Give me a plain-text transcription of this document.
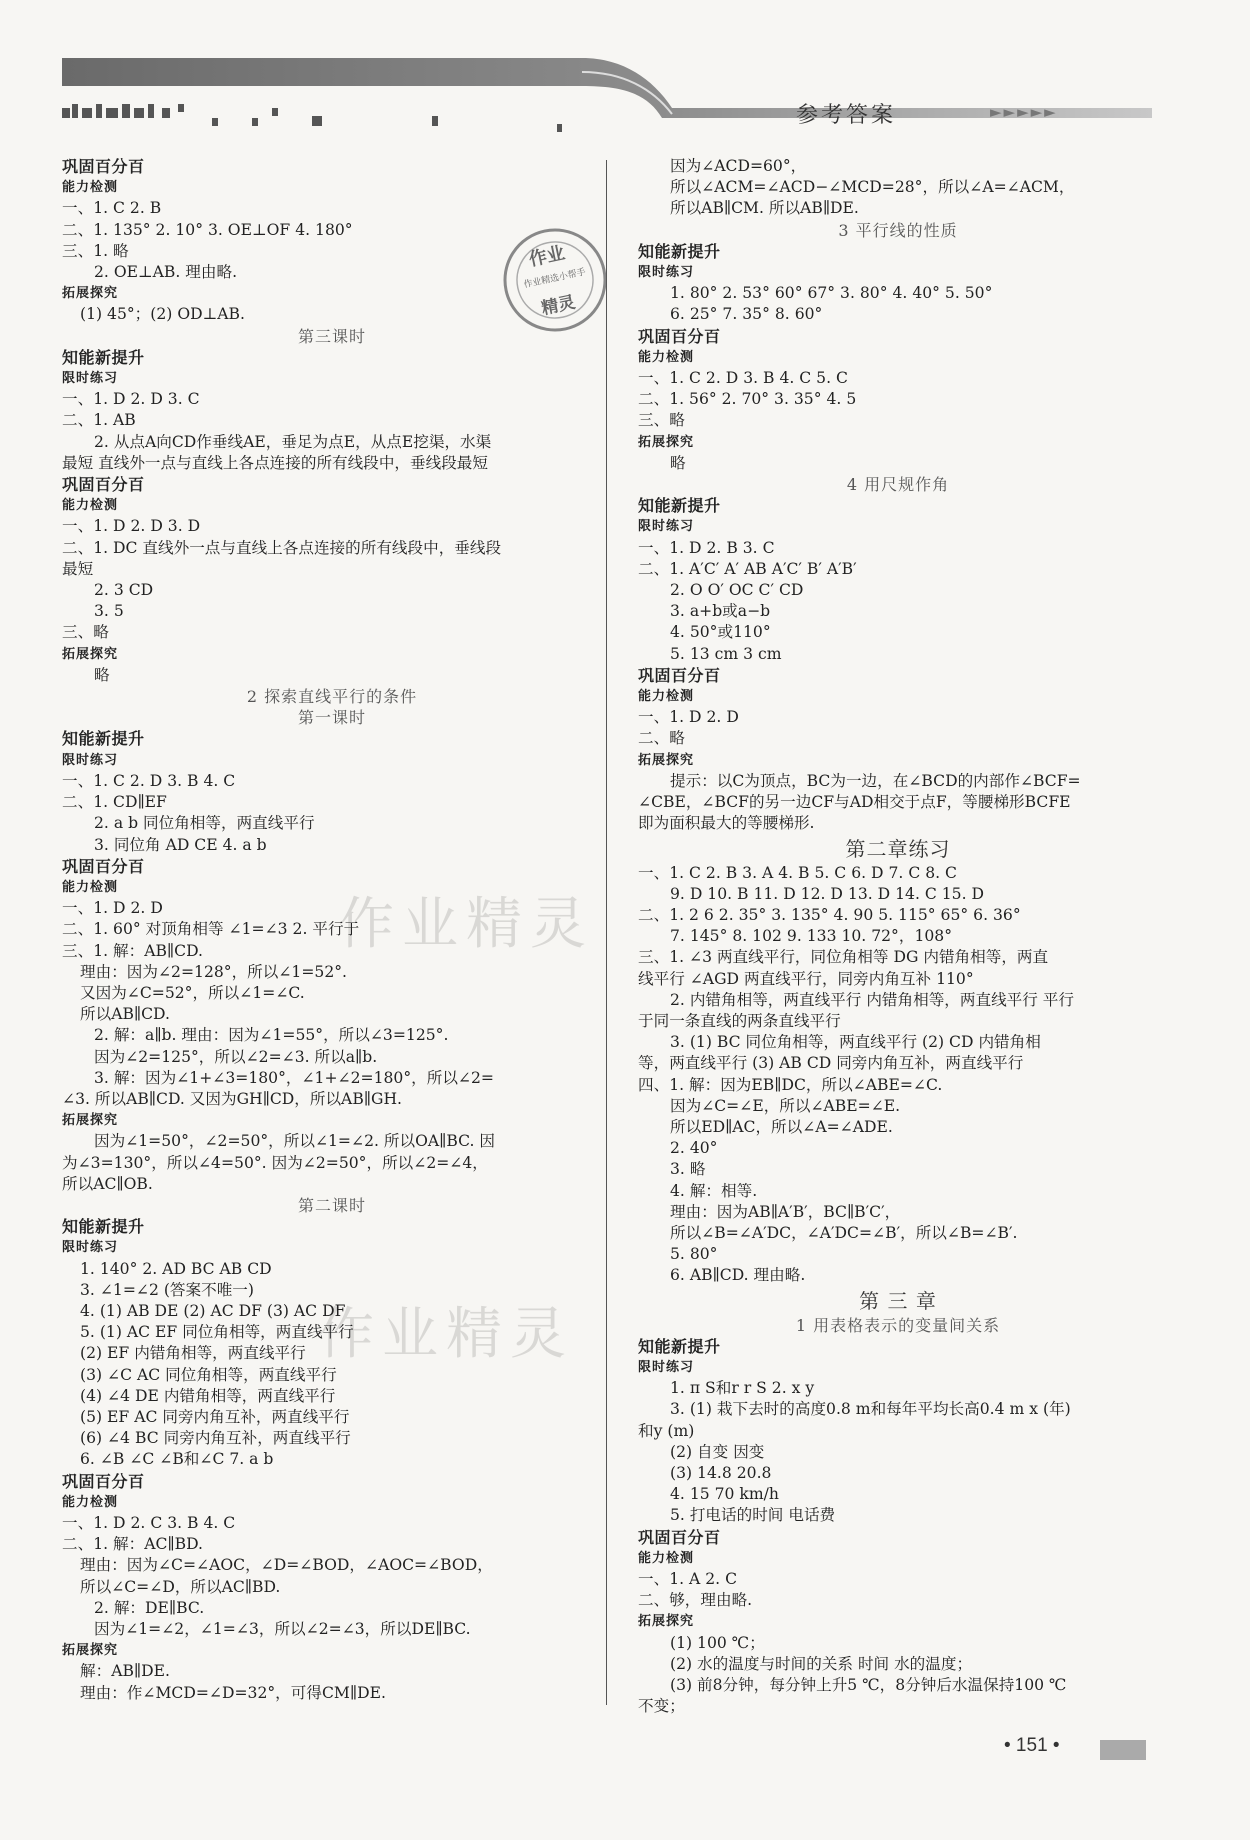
参考答案	►►►►►
作业
作业精选小帮手
精灵
作业精灵
作业精灵
巩固百分百
能力检测
一、1. C 2. B
二、1. 135° 2. 10° 3. OE⊥OF 4. 180°
三、1. 略
2. OE⊥AB. 理由略.
拓展探究
(1) 45°；(2) OD⊥AB.
第三课时
知能新提升
限时练习
一、1. D 2. D 3. C
二、1. AB
2. 从点A向CD作垂线AE，垂足为点E，从点E挖渠，水渠
最短 直线外一点与直线上各点连接的所有线段中，垂线段最短
巩固百分百
能力检测
一、1. D 2. D 3. D
二、1. DC 直线外一点与直线上各点连接的所有线段中，垂线段
最短
2. 3 CD
3. 5
三、略
拓展探究
略
2 探索直线平行的条件
第一课时
知能新提升
限时练习
一、1. C 2. D 3. B 4. C
二、1. CD∥EF
2. a b 同位角相等，两直线平行
3. 同位角 AD CE 4. a b
巩固百分百
能力检测
一、1. D 2. D
二、1. 60° 对顶角相等 ∠1=∠3 2. 平行于
三、1. 解：AB∥CD.
理由：因为∠2=128°，所以∠1=52°.
又因为∠C=52°，所以∠1=∠C.
所以AB∥CD.
2. 解：a∥b. 理由：因为∠1=55°，所以∠3=125°.
因为∠2=125°，所以∠2=∠3. 所以a∥b.
3. 解：因为∠1+∠3=180°，∠1+∠2=180°，所以∠2=
∠3. 所以AB∥CD. 又因为GH∥CD，所以AB∥GH.
拓展探究
因为∠1=50°，∠2=50°，所以∠1=∠2. 所以OA∥BC. 因
为∠3=130°，所以∠4=50°. 因为∠2=50°，所以∠2=∠4，
所以AC∥OB.
第二课时
知能新提升
限时练习
1. 140° 2. AD BC AB CD
3. ∠1=∠2 (答案不唯一)
4. (1) AB DE (2) AC DF (3) AC DF
5. (1) AC EF 同位角相等，两直线平行
(2) EF 内错角相等，两直线平行
(3) ∠C AC 同位角相等，两直线平行
(4) ∠4 DE 内错角相等，两直线平行
(5) EF AC 同旁内角互补，两直线平行
(6) ∠4 BC 同旁内角互补，两直线平行
6. ∠B ∠C ∠B和∠C 7. a b
巩固百分百
能力检测
一、1. D 2. C 3. B 4. C
二、1. 解：AC∥BD.
理由：因为∠C=∠AOC，∠D=∠BOD，∠AOC=∠BOD，
所以∠C=∠D，所以AC∥BD.
2. 解：DE∥BC.
因为∠1=∠2，∠1=∠3，所以∠2=∠3，所以DE∥BC.
拓展探究
解：AB∥DE.
理由：作∠MCD=∠D=32°，可得CM∥DE.
因为∠ACD=60°，
所以∠ACM=∠ACD−∠MCD=28°，所以∠A=∠ACM，
所以AB∥CM. 所以AB∥DE.
3 平行线的性质
知能新提升
限时练习
1. 80° 2. 53° 60° 67° 3. 80° 4. 40° 5. 50°
6. 25° 7. 35° 8. 60°
巩固百分百
能力检测
一、1. C 2. D 3. B 4. C 5. C
二、1. 56° 2. 70° 3. 35° 4. 5
三、略
拓展探究
略
4 用尺规作角
知能新提升
限时练习
一、1. D 2. B 3. C
二、1. A′C′ A′ AB A′C′ B′ A′B′
2. O O′ OC C′ CD
3. a+b或a−b
4. 50°或110°
5. 13 cm 3 cm
巩固百分百
能力检测
一、1. D 2. D
二、略
拓展探究
提示：以C为顶点，BC为一边，在∠BCD的内部作∠BCF=
∠CBE，∠BCF的另一边CF与AD相交于点F，等腰梯形BCFE
即为面积最大的等腰梯形.
第二章练习
一、1. C 2. B 3. A 4. B 5. C 6. D 7. C 8. C
9. D 10. B 11. D 12. D 13. D 14. C 15. D
二、1. 2 6 2. 35° 3. 135° 4. 90 5. 115° 65° 6. 36°
7. 145° 8. 102 9. 133 10. 72°，108°
三、1. ∠3 两直线平行，同位角相等 DG 内错角相等，两直
线平行 ∠AGD 两直线平行，同旁内角互补 110°
2. 内错角相等，两直线平行 内错角相等，两直线平行 平行
于同一条直线的两条直线平行
3. (1) BC 同位角相等，两直线平行 (2) CD 内错角相
等，两直线平行 (3) AB CD 同旁内角互补，两直线平行
四、1. 解：因为EB∥DC，所以∠ABE=∠C.
因为∠C=∠E，所以∠ABE=∠E.
所以ED∥AC，所以∠A=∠ADE.
2. 40°
3. 略
4. 解：相等.
理由：因为AB∥A′B′，BC∥B′C′，
所以∠B=∠A′DC，∠A′DC=∠B′，所以∠B=∠B′.
5. 80°
6. AB∥CD. 理由略.
第 三 章
1 用表格表示的变量间关系
知能新提升
限时练习
1. π S和r r S 2. x y
3. (1) 栽下去时的高度0.8 m和每年平均长高0.4 m x (年)
和y (m)
(2) 自变 因变
(3) 14.8 20.8
4. 15 70 km/h
5. 打电话的时间 电话费
巩固百分百
能力检测
一、1. A 2. C
二、够，理由略.
拓展探究
(1) 100 ℃；
(2) 水的温度与时间的关系 时间 水的温度；
(3) 前8分钟，每分钟上升5 ℃，8分钟后水温保持100 ℃
不变；
• 151 •
